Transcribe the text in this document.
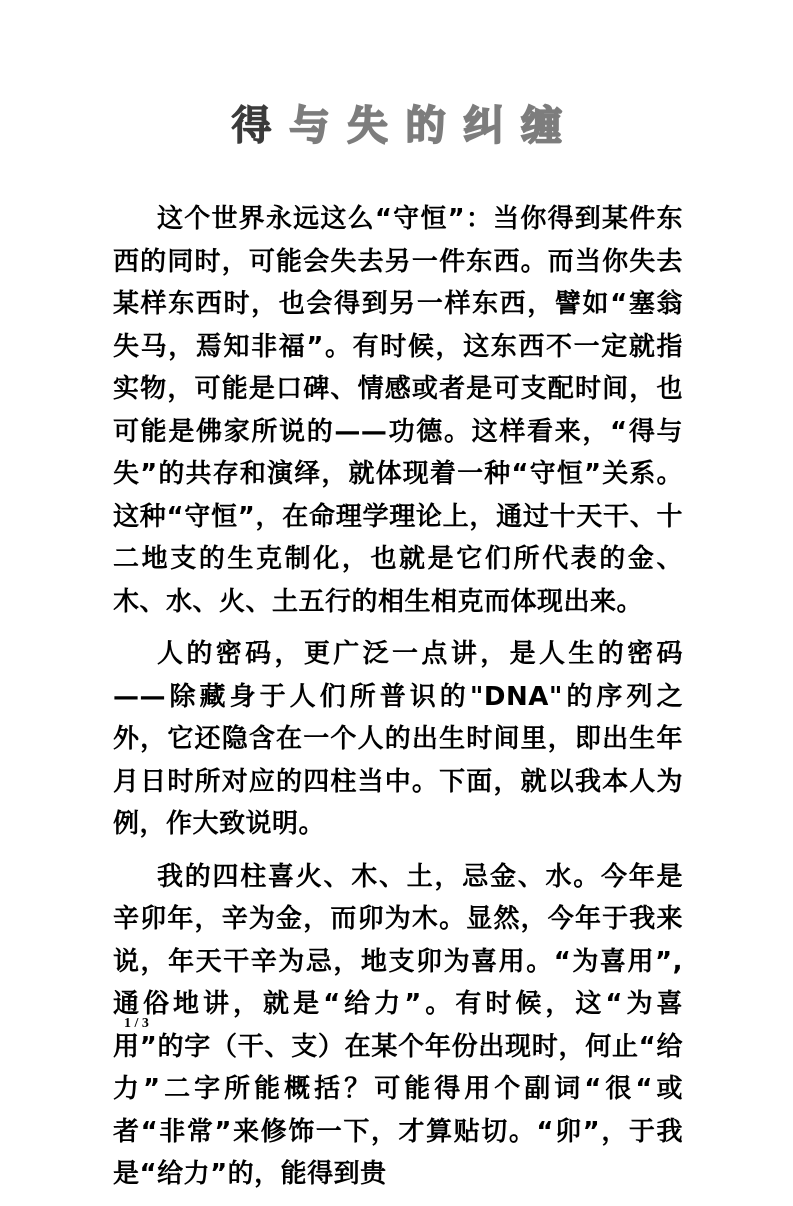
得 与 失 的 纠 缠

这个世界永远这么“守恒”：当你得到某件东西的同时，可能会失去另一件东西。而当你失去某样东西时，也会得到另一样东西，譬如“塞翁失马，焉知非福”。有时候，这东西不一定就指实物，可能是口碑、情感或者是可支配时间，也可能是佛家所说的——功德。这样看来，“得与失”的共存和演绎，就体现着一种“守恒”关系。这种“守恒”，在命理学理论上，通过十天干、十二地支的生克制化，也就是它们所代表的金、木、水、火、土五行的相生相克而体现出来。

人的密码，更广泛一点讲，是人生的密码——除藏身于人们所普识的"DNA"的序列之外，它还隐含在一个人的出生时间里，即出生年月日时所对应的四柱当中。下面，就以我本人为例，作大致说明。

我的四柱喜火、木、土，忌金、水。今年是辛卯年，辛为金，而卯为木。显然，今年于我来说，年天干辛为忌，地支卯为喜用。“为喜用”,通俗地讲，就是“给力”。有时候，这“为喜用”的字（干、支）在某个年份出现时，何止“给力”二字所能概括？可能得用个副词“很“或者“非常”来修饰一下，才算贴切。“卯”，于我是“给力”的，能得到贵

1 / 3
